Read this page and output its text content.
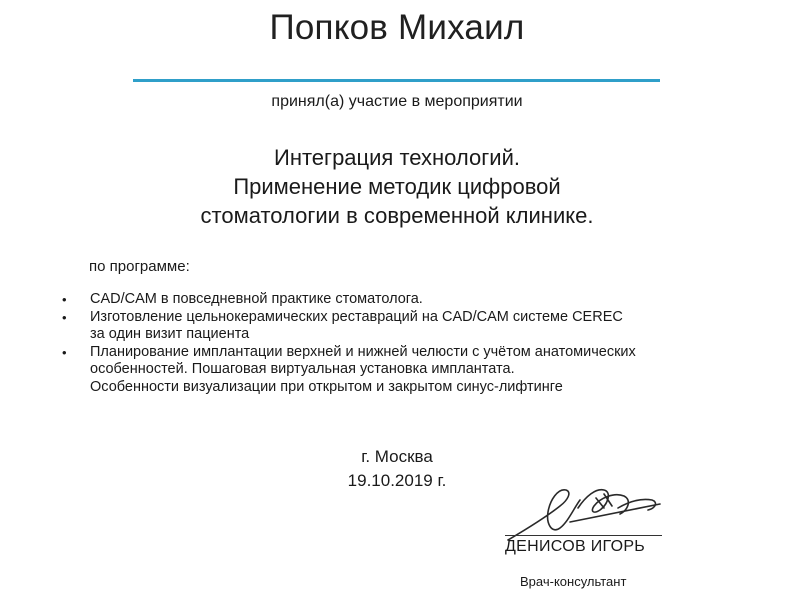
Попков Михаил
принял(а) участие в мероприятии
Интеграция технологий.
Применение методик цифровой
стоматологии в современной клинике.
по программе:
• CAD/CAM в повседневной практике стоматолога.
• Изготовление цельнокерамических реставраций на CAD/CAM системе CEREC
за один визит пациента
• Планирование имплантации верхней и нижней челюсти с учётом анатомических
особенностей. Пошаговая виртуальная установка имплантата.
Особенности визуализации при открытом и закрытом синус-лифтинге
г. Москва
19.10.2019 г.
ДЕНИСОВ ИГОРЬ
Врач-консультант
